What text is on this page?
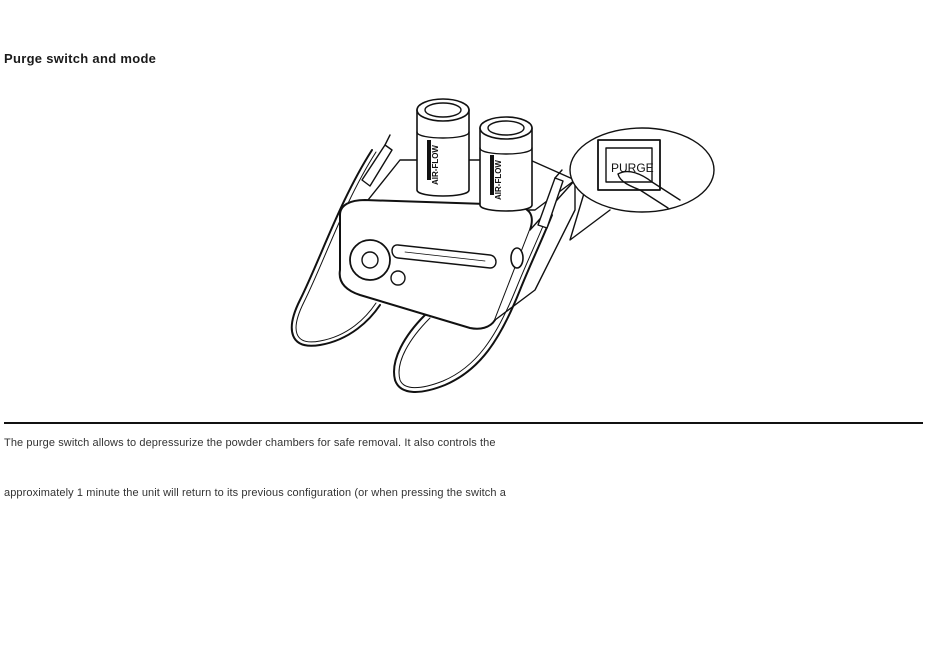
Purge switch and mode
AIR-FLOW	AIR-FLOW	PURGE

The purge switch allows to depressurize the powder chambers for safe removal. It also controls the

approximately 1 minute the unit will return to its previous configuration (or when pressing the switch a
